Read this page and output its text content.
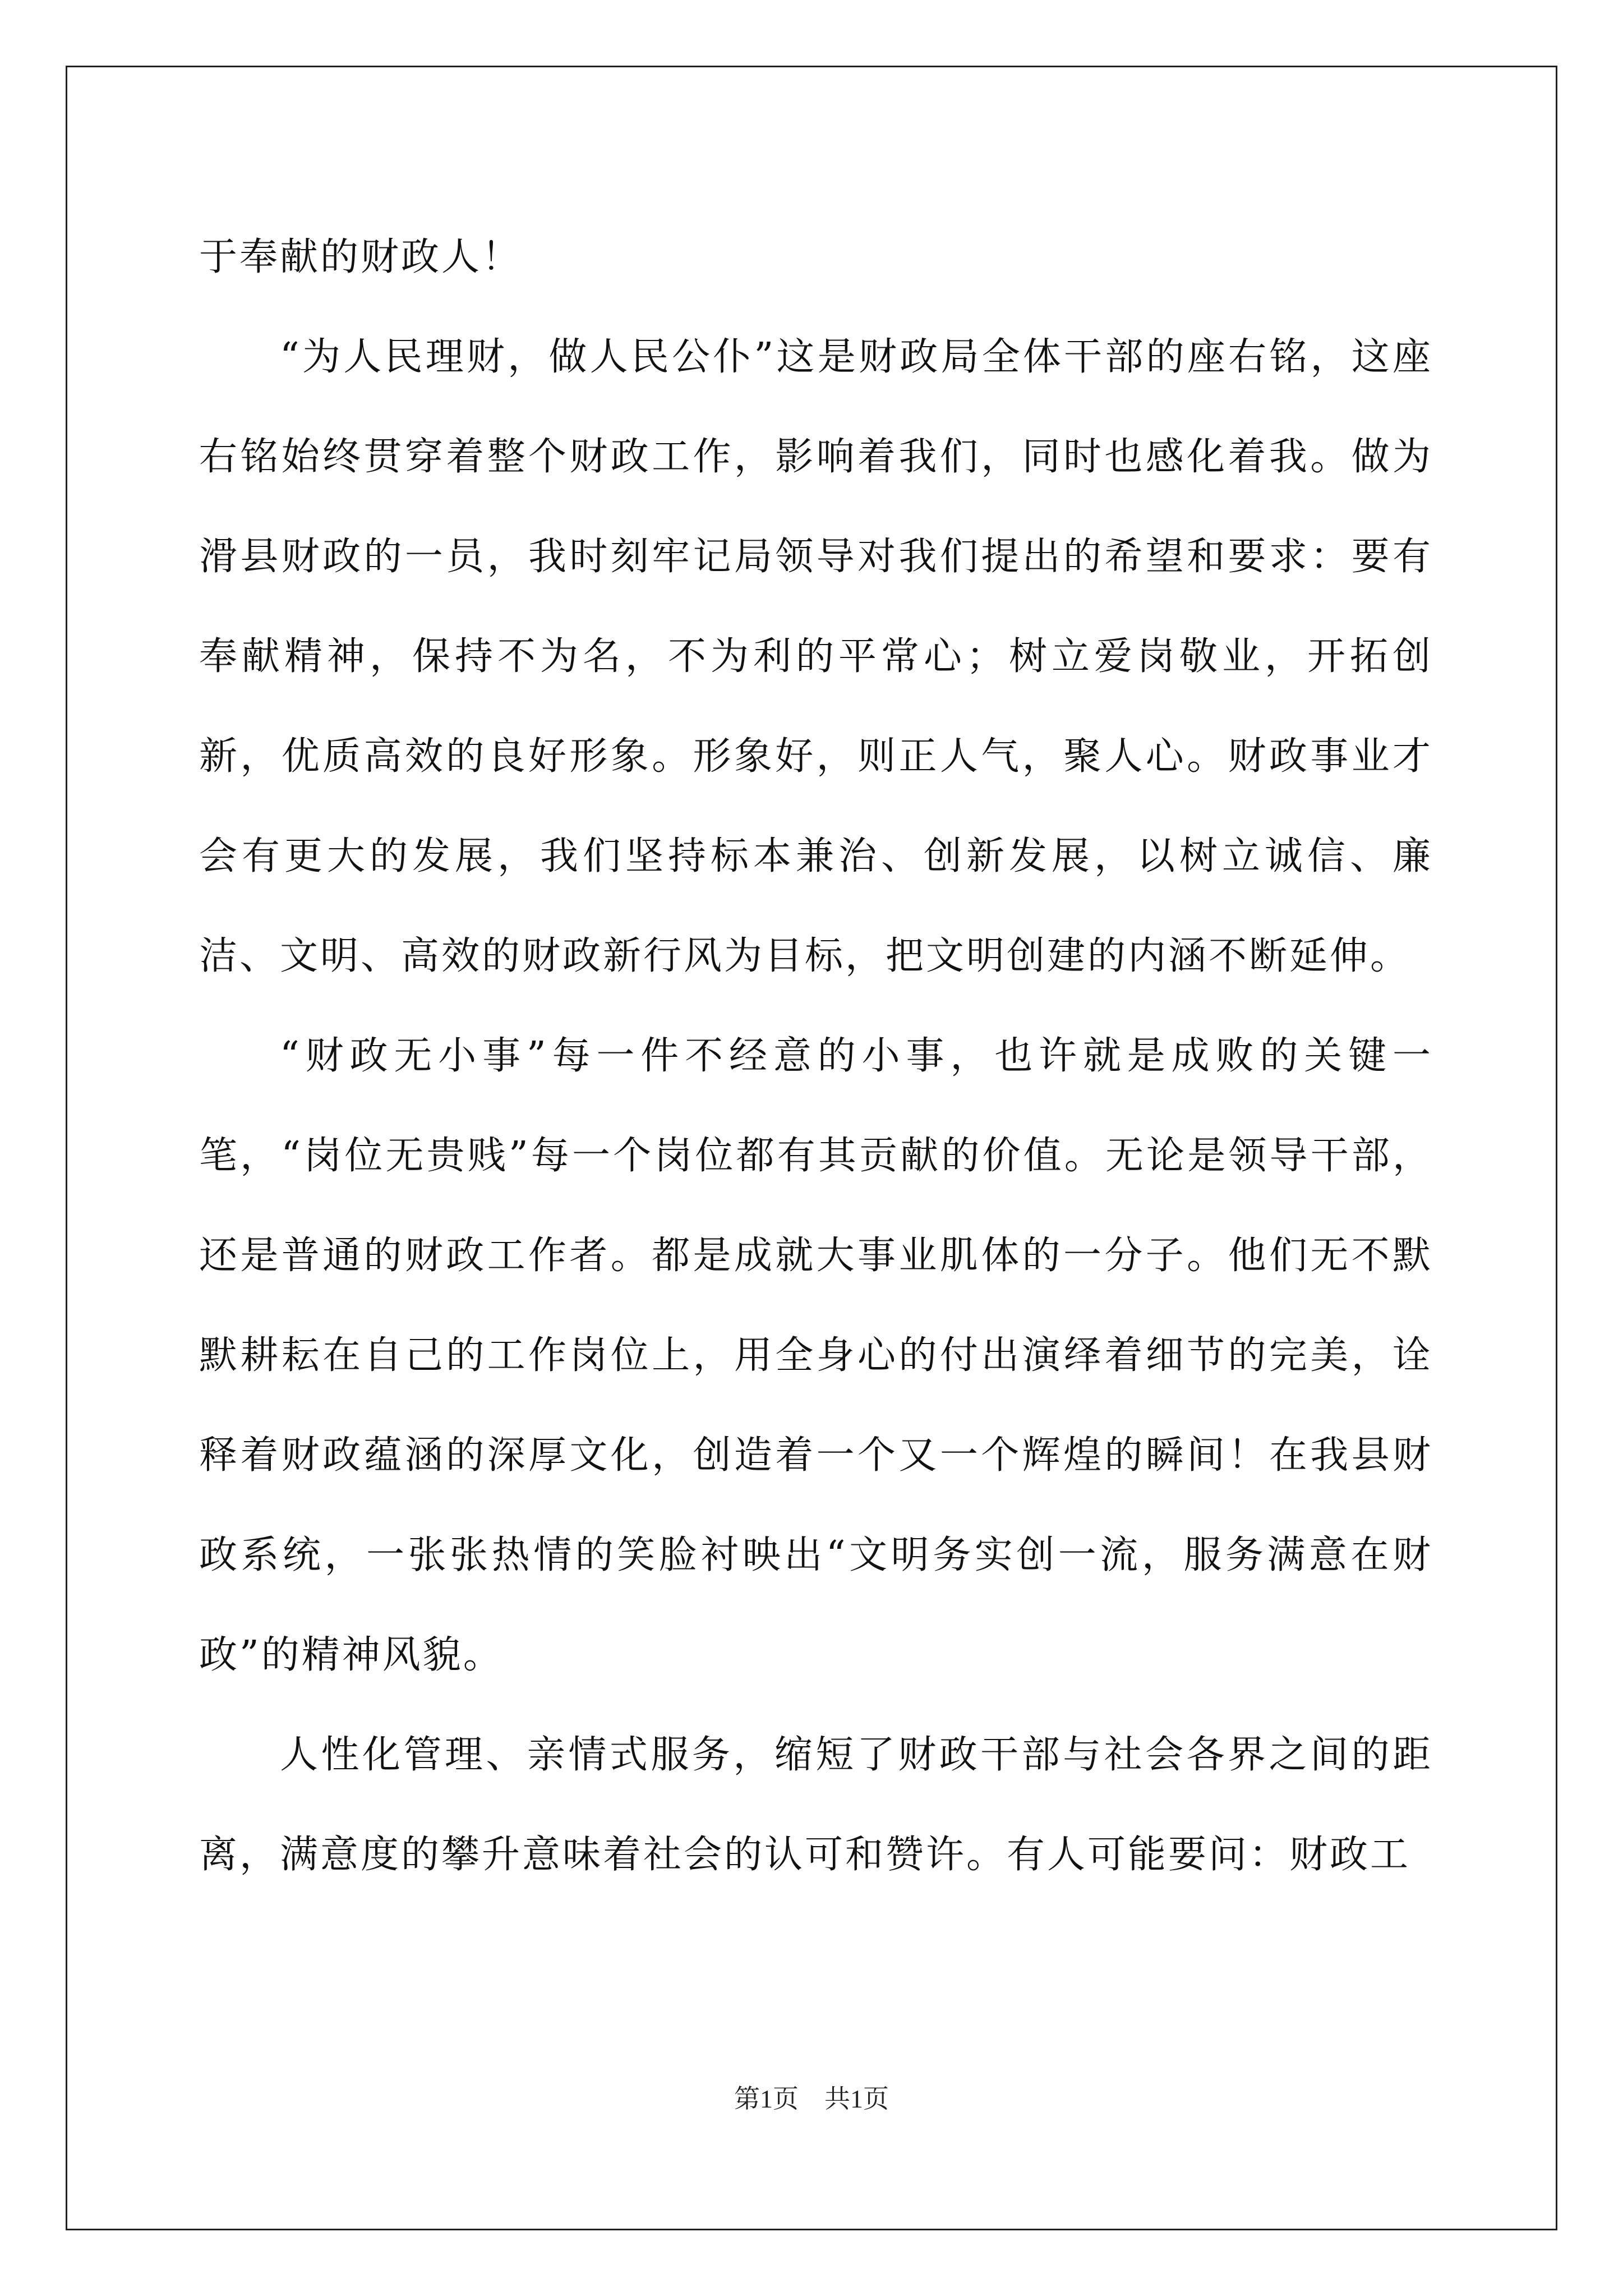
于奉献的财政人！

“为人民理财，做人民公仆”这是财政局全体干部的座右铭，这座右铭始终贯穿着整个财政工作，影响着我们，同时也感化着我。做为滑县财政的一员，我时刻牢记局领导对我们提出的希望和要求：要有奉献精神，保持不为名，不为利的平常心；树立爱岗敬业，开拓创新，优质高效的良好形象。形象好，则正人气，聚人心。财政事业才会有更大的发展，我们坚持标本兼治、创新发展，以树立诚信、廉洁、文明、高效的财政新行风为目标，把文明创建的内涵不断延伸。

“财政无小事”每一件不经意的小事，也许就是成败的关键一笔，“岗位无贵贱”每一个岗位都有其贡献的价值。无论是领导干部，还是普通的财政工作者。都是成就大事业肌体的一分子。他们无不默默耕耘在自己的工作岗位上，用全身心的付出演绎着细节的完美，诠释着财政蕴涵的深厚文化，创造着一个又一个辉煌的瞬间！在我县财政系统，一张张热情的笑脸衬映出“文明务实创一流，服务满意在财政”的精神风貌。

人性化管理、亲情式服务，缩短了财政干部与社会各界之间的距离，满意度的攀升意味着社会的认可和赞许。有人可能要问：财政工

第1页　共1页
